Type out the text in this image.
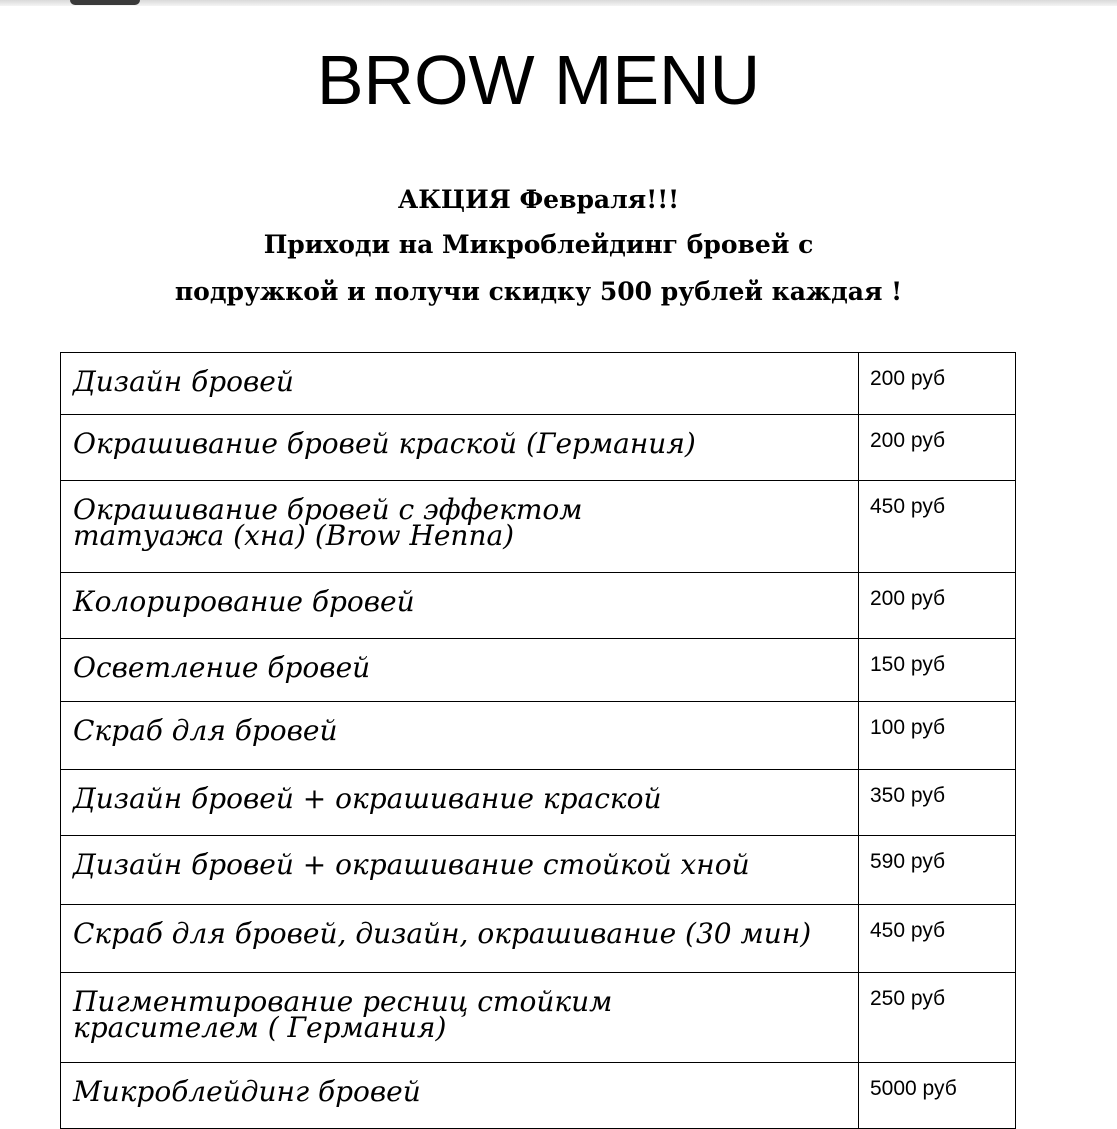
BROW MENU
АКЦИЯ Февраля!!!
Приходи на Микроблейдинг бровей с
подружкой и получи скидку 500 рублей каждая !
Дизайн бровей	200 руб
Окрашивание бровей краской (Германия)	200 руб
Окрашивание бровей с эффектом татуажа (хна) (Brow Henna)	450 руб
Колорирование бровей	200 руб
Осветление бровей	150 руб
Скраб для бровей	100 руб
Дизайн бровей + окрашивание краской	350 руб
Дизайн бровей + окрашивание стойкой хной	590 руб
Скраб для бровей, дизайн, окрашивание (30 мин)	450 руб
Пигментирование ресниц стойким красителем ( Германия)	250 руб
Микроблейдинг бровей	5000 руб
